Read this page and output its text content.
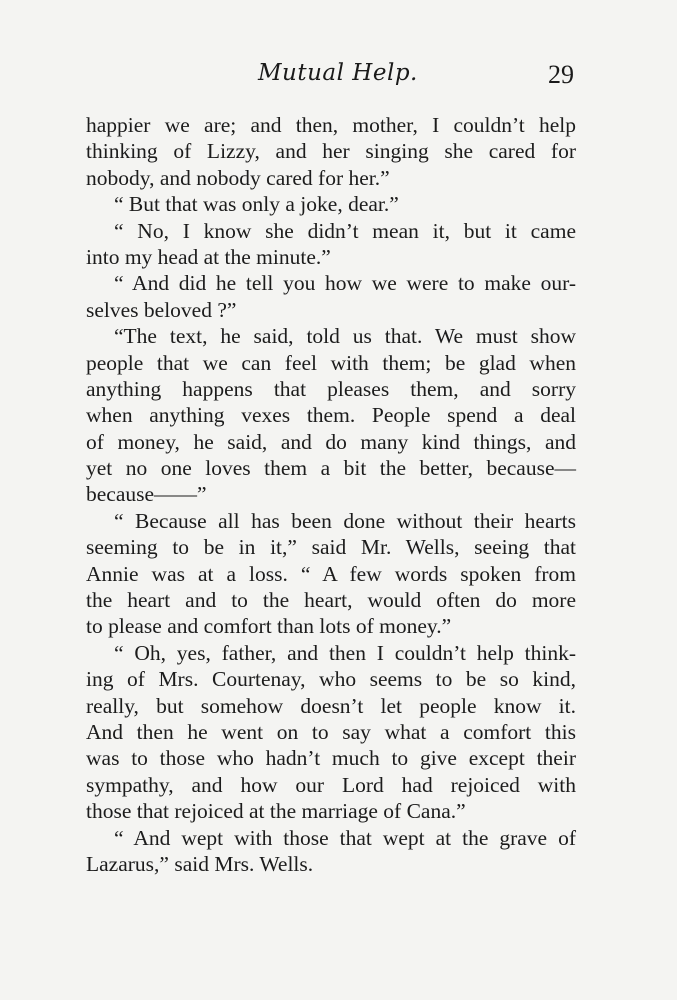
Mutual Help.	29
happier we are; and then, mother, I couldn’t help
thinking of Lizzy, and her singing she cared for
nobody, and nobody cared for her.”
“ But that was only a joke, dear.”
“ No, I know she didn’t mean it, but it came
into my head at the minute.”
“ And did he tell you how we were to make our-
selves beloved ?”
“The text, he said, told us that. We must show
people that we can feel with them; be glad when
anything happens that pleases them, and sorry
when anything vexes them. People spend a deal
of money, he said, and do many kind things, and
yet no one loves them a bit the better, because—
because——”
“ Because all has been done without their hearts
seeming to be in it,” said Mr. Wells, seeing that
Annie was at a loss. “ A few words spoken from
the heart and to the heart, would often do more
to please and comfort than lots of money.”
“ Oh, yes, father, and then I couldn’t help think-
ing of Mrs. Courtenay, who seems to be so kind,
really, but somehow doesn’t let people know it.
And then he went on to say what a comfort this
was to those who hadn’t much to give except their
sympathy, and how our Lord had rejoiced with
those that rejoiced at the marriage of Cana.”
“ And wept with those that wept at the grave of
Lazarus,” said Mrs. Wells.
